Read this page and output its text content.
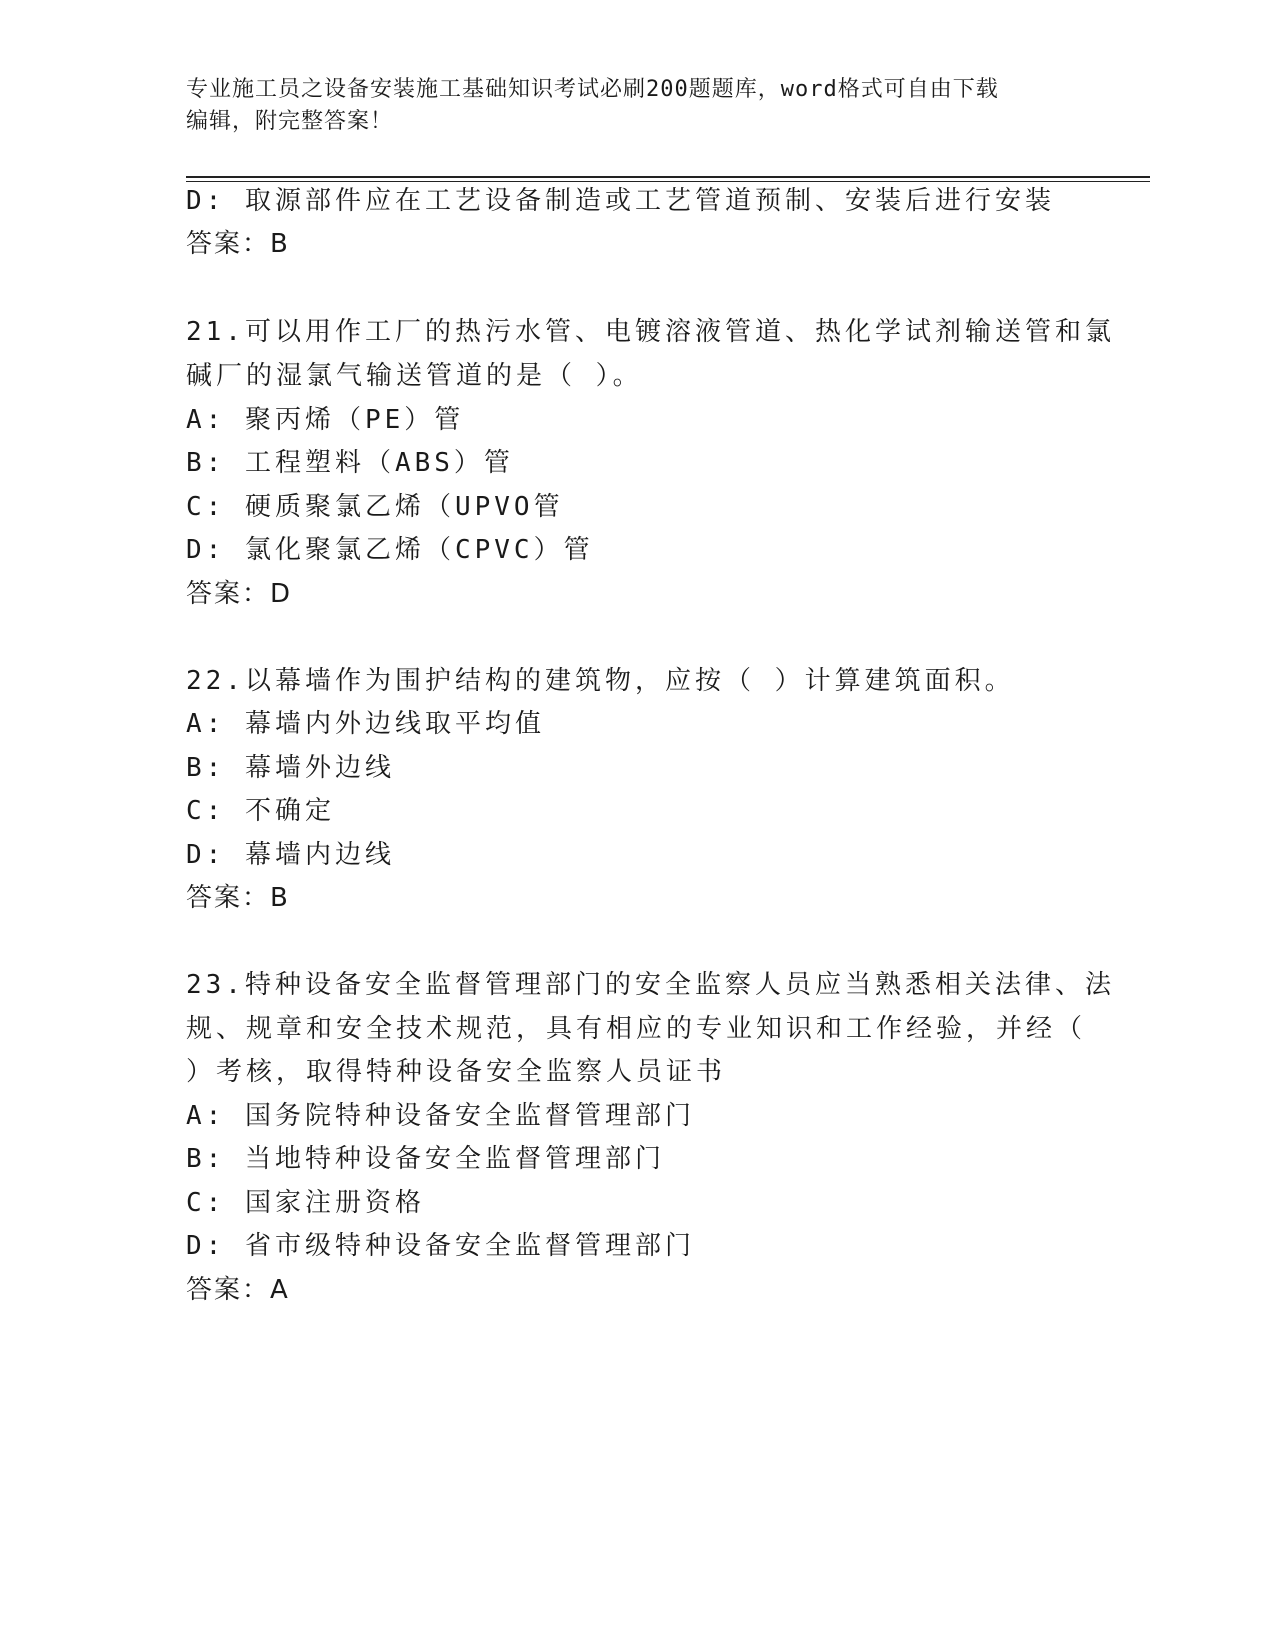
专业施工员之设备安装施工基础知识考试必刷200题题库，word格式可自由下载
编辑，附完整答案！
D: 取源部件应在工艺设备制造或工艺管道预制、安装后进行安装
答案：B
21.可以用作工厂的热污水管、电镀溶液管道、热化学试剂输送管和氯
碱厂的湿氯气输送管道的是（ ）。
A: 聚丙烯（PE）管
B: 工程塑料（ABS）管
C: 硬质聚氯乙烯（UPVO管
D: 氯化聚氯乙烯（CPVC）管
答案：D
22.以幕墙作为围护结构的建筑物，应按（ ）计算建筑面积。
A: 幕墙内外边线取平均值
B: 幕墙外边线
C: 不确定
D: 幕墙内边线
答案：B
23.特种设备安全监督管理部门的安全监察人员应当熟悉相关法律、法
规、规章和安全技术规范，具有相应的专业知识和工作经验，并经（
）考核，取得特种设备安全监察人员证书
A: 国务院特种设备安全监督管理部门
B: 当地特种设备安全监督管理部门
C: 国家注册资格
D: 省市级特种设备安全监督管理部门
答案：A
